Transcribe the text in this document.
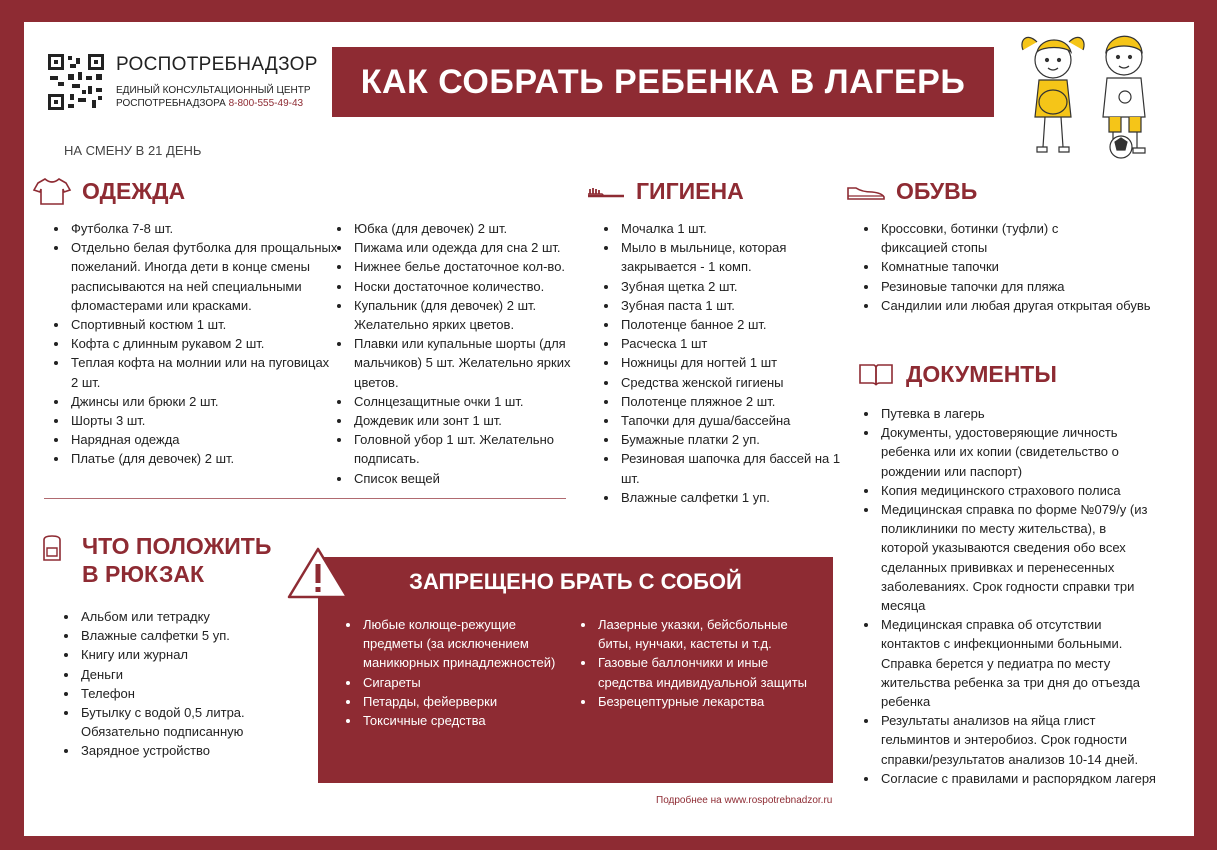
РОСПОТРЕБНАДЗОР
ЕДИНЫЙ КОНСУЛЬТАЦИОННЫЙ ЦЕНТР
РОСПОТРЕБНАДЗОРА 8-800-555-49-43
КАК СОБРАТЬ РЕБЕНКА В ЛАГЕРЬ
НА СМЕНУ В 21 ДЕНЬ
ОДЕЖДА
• Футболка 7-8 шт.
• Отдельно белая футболка для прощальных пожеланий. Иногда дети в конце смены расписываются на ней специальными фломастерами или красками.
• Спортивный костюм 1 шт.
• Кофта с длинным рукавом 2 шт.
• Теплая кофта на молнии или на пуговицах 2 шт.
• Джинсы или брюки 2 шт.
• Шорты 3 шт.
• Нарядная одежда
• Платье (для девочек) 2 шт.
• Юбка (для девочек) 2 шт.
• Пижама или одежда для сна 2 шт.
• Нижнее белье достаточное кол-во.
• Носки достаточное количество.
• Купальник (для девочек) 2 шт. Желательно ярких цветов.
• Плавки или купальные шорты (для мальчиков) 5 шт. Желательно ярких цветов.
• Солнцезащитные очки 1 шт.
• Дождевик или зонт 1 шт.
• Головной убор 1 шт. Желательно подписать.
• Список вещей
ГИГИЕНА
• Мочалка 1 шт.
• Мыло в мыльнице, которая закрывается - 1 комп.
• Зубная щетка 2 шт.
• Зубная паста 1 шт.
• Полотенце банное 2 шт.
• Расческа 1 шт
• Ножницы для ногтей 1 шт
• Средства женской гигиены
• Полотенце пляжное 2 шт.
• Тапочки для душа/бассейна
• Бумажные платки 2 уп.
• Резиновая шапочка для бассей на 1 шт.
• Влажные салфетки 1 уп.
ОБУВЬ
• Кроссовки, ботинки (туфли) с фиксацией стопы
• Комнатные тапочки
• Резиновые тапочки для пляжа
• Сандилии или любая другая открытая обувь
ДОКУМЕНТЫ
• Путевка в лагерь
• Документы, удостоверяющие личность ребенка или их копии (свидетельство о рождении или паспорт)
• Копия медицинского страхового полиса
• Медицинская справка по форме №079/у (из поликлиники по месту жительства), в которой указываются сведения обо всех сделанных прививках и перенесенных заболеваниях. Срок годности справки три месяца
• Медицинская справка об отсутствии контактов с инфекционными больными. Справка берется у педиатра по месту жительства ребенка за три дня до отъезда ребенка
• Результаты анализов на яйца глист гельминтов и энтеробиоз. Срок годности справки/результатов анализов 10-14 дней.
• Согласие с правилами и распорядком лагеря
ЧТО ПОЛОЖИТЬ
В РЮКЗАК
• Альбом или тетрадку
• Влажные салфетки 5 уп.
• Книгу или журнал
• Деньги
• Телефон
• Бутылку с водой 0,5 литра. Обязательно подписанную
• Зарядное устройство
ЗАПРЕЩЕНО БРАТЬ С СОБОЙ
• Любые колюще-режущие предметы (за исключением маникюрных принадлежностей)
• Сигареты
• Петарды, фейерверки
• Токсичные средства
• Лазерные указки, бейсбольные биты, нунчаки, кастеты и т.д.
• Газовые баллончики и иные средства индивидуальной защиты
• Безрецептурные лекарства
Подробнее на www.rospotrebnadzor.ru
